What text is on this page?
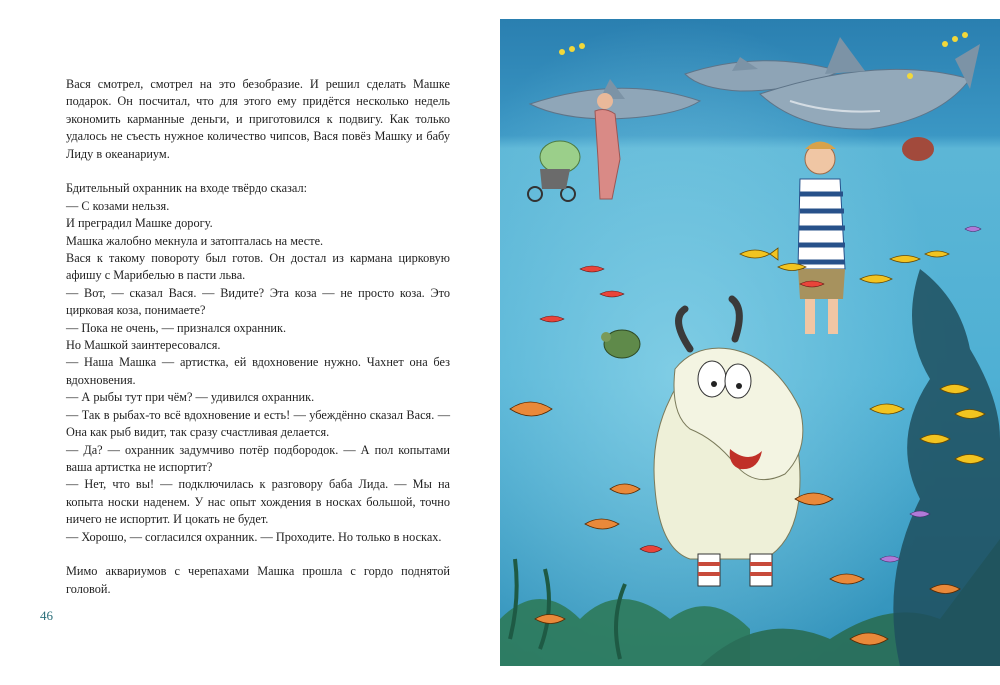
Вася смотрел, смотрел на это безобразие. И решил сделать Машке подарок. Он посчитал, что для этого ему придётся несколько недель экономить карманные деньги, и приготовился к подвигу. Как только удалось не съесть нужное количество чипсов, Вася повёз Машку и бабу Лиду в океанариум.

Бдительный охранник на входе твёрдо сказал:

— С козами нельзя.

И преградил Машке дорогу.

Машка жалобно мекнула и затопталась на месте.

Вася к такому повороту был готов. Он достал из кармана цирковую афишу с Марибелью в пасти льва.

— Вот, — сказал Вася. — Видите? Эта коза — не просто коза. Это цирковая коза, понимаете?

— Пока не очень, — признался охранник.

Но Машкой заинтересовался.

— Наша Машка — артистка, ей вдохновение нужно. Чахнет она без вдохновения.

— А рыбы тут при чём? — удивился охранник.

— Так в рыбах-то всё вдохновение и есть! — убеждённо сказал Вася. — Она как рыб видит, так сразу счастливая делается.

— Да? — охранник задумчиво потёр подбородок. — А пол копытами ваша артистка не испортит?

— Нет, что вы! — подключилась к разговору баба Лида. — Мы на копыта носки наденем. У нас опыт хождения в носках большой, точно ничего не испортит. И цокать не будет.

— Хорошо, — согласился охранник. — Проходите. Но только в носках.

Мимо аквариумов с черепахами Машка прошла с гордо поднятой головой.

46
